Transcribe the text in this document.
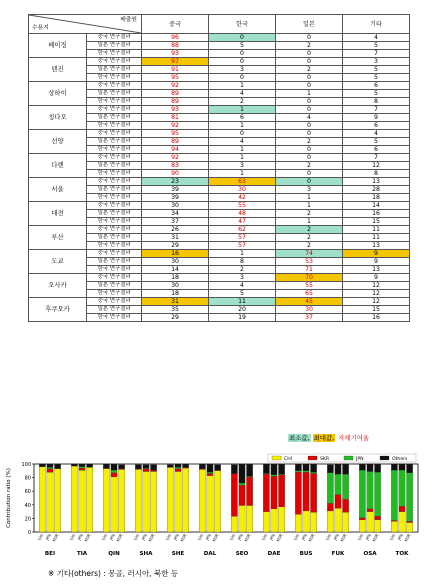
배출원
수용지		중국	한국	일본	기타
베이징	중국 연구결과	96	0	0	4
	일본 연구결과	88	5	2	5
	한국 연구결과	93	0	0	7
텐진	중국 연구결과	97	0	0	3
	일본 연구결과	91	3	2	5
	한국 연구결과	95	0	0	5
상하이	중국 연구결과	92	1	0	6
	일본 연구결과	89	4	1	5
	한국 연구결과	89	2	0	8
칭다오	중국 연구결과	93	1	0	7
	일본 연구결과	81	6	4	9
	한국 연구결과	92	1	0	6
선양	중국 연구결과	95	0	0	4
	일본 연구결과	89	4	2	5
	한국 연구결과	94	1	0	6
다롄	중국 연구결과	92	1	0	7
	일본 연구결과	83	3	2	12
	한국 연구결과	90	1	0	8
서울	중국 연구결과	23	63	0	13
	일본 연구결과	39	30	3	28
	한국 연구결과	39	42	1	18
대전	중국 연구결과	30	55	1	14
	일본 연구결과	34	48	2	16
	한국 연구결과	37	47	1	15
부산	중국 연구결과	26	62	2	11
	일본 연구결과	31	57	2	11
	한국 연구결과	29	57	2	13
도쿄	중국 연구결과	16	1	74	9
	일본 연구결과	30	8	53	9
	한국 연구결과	14	2	71	13
오사카	중국 연구결과	18	3	70	9
	일본 연구결과	30	4	55	12
	한국 연구결과	18	5	65	12
후쿠오카	중국 연구결과	31	11	45	12
	일본 연구결과	35	20	30	15
	한국 연구결과	29	19	37	16
최소값, 최대값, 자체기여율
0
20
40
60
80
100
Contribution ratio (%)
CHI JPN KOR
BEI
CHI JPN KOR
TIA
CHI JPN KOR
QIN
CHI JPN KOR
SHA
CHI JPN KOR
SHE
CHI JPN KOR
DAL
CHI JPN KOR
SEO
CHI JPN KOR
DAE
CHI JPN KOR
BUS
CHI JPN KOR
FUK
CHI JPN KOR
OSA
CHI JPN KOR
TOK
CHI	SKR	JPN	Others
※ 기타(others) : 몽골, 러시아, 북한 등
